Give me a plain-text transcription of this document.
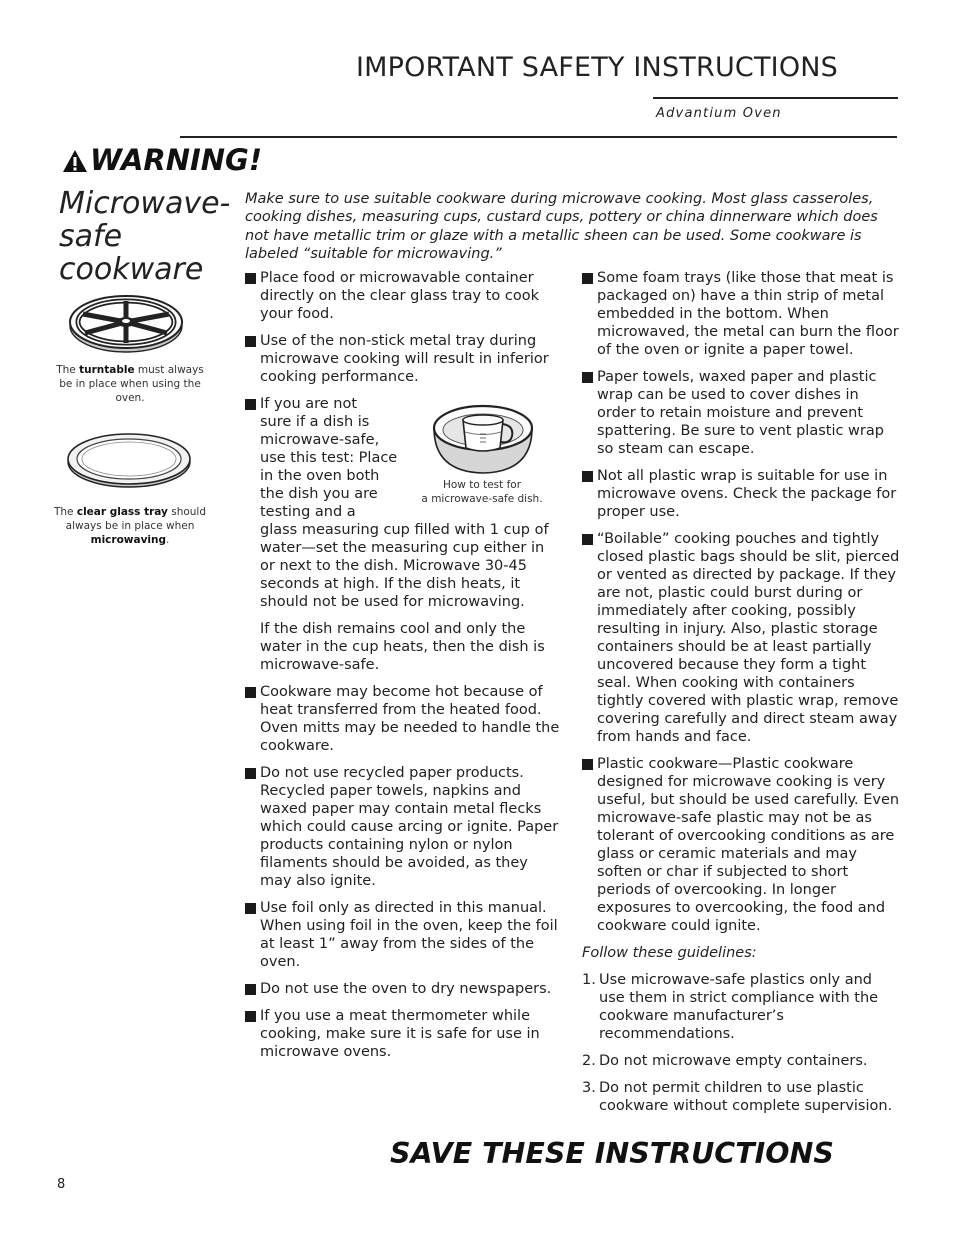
IMPORTANT SAFETY INSTRUCTIONS
Advantium Oven
WARNING!
Microwave-safe cookware
The turntable must always be in place when using the oven.
The clear glass tray should always be in place when microwaving.
How to test for
a microwave-safe dish.
Make sure to use suitable cookware during microwave cooking. Most glass casseroles, cooking dishes, measuring cups, custard cups, pottery or china dinnerware which does not have metallic trim or glaze with a metallic sheen can be used. Some cookware is labeled “suitable for microwaving.”
Place food or microwavable container directly on the clear glass tray to cook your food.
Use of the non-stick metal tray during microwave cooking will result in inferior cooking performance.
If you are not
sure if a dish is
microwave-safe,
use this test: Place
in the oven both
the dish you are
testing and a
glass measuring cup filled with 1 cup of water—set the measuring cup either in or next to the dish. Microwave 30-45 seconds at high. If the dish heats, it should not be used for microwaving.
If the dish remains cool and only the water in the cup heats, then the dish is microwave-safe.
Cookware may become hot because of heat transferred from the heated food. Oven mitts may be needed to handle the cookware.
Do not use recycled paper products. Recycled paper towels, napkins and waxed paper may contain metal flecks which could cause arcing or ignite. Paper products containing nylon or nylon filaments should be avoided, as they may also ignite.
Use foil only as directed in this manual. When using foil in the oven, keep the foil at least 1” away from the sides of the oven.
Do not use the oven to dry newspapers.
If you use a meat thermometer while cooking, make sure it is safe for use in microwave ovens.
Some foam trays (like those that meat is packaged on) have a thin strip of metal embedded in the bottom. When microwaved, the metal can burn the floor of the oven or ignite a paper towel.
Paper towels, waxed paper and plastic wrap can be used to cover dishes in order to retain moisture and prevent spattering. Be sure to vent plastic wrap so steam can escape.
Not all plastic wrap is suitable for use in microwave ovens. Check the package for proper use.
“Boilable” cooking pouches and tightly closed plastic bags should be slit, pierced or vented as directed by package. If they are not, plastic could burst during or immediately after cooking, possibly resulting in injury. Also, plastic storage containers should be at least partially uncovered because they form a tight seal. When cooking with containers tightly covered with plastic wrap, remove covering carefully and direct steam away from hands and face.
Plastic cookware—Plastic cookware designed for microwave cooking is very useful, but should be used carefully. Even microwave-safe plastic may not be as tolerant of overcooking conditions as are glass or ceramic materials and may soften or char if subjected to short periods of overcooking. In longer exposures to overcooking, the food and cookware could ignite.
Follow these guidelines:
1. Use microwave-safe plastics only and use them in strict compliance with the cookware manufacturer’s recommendations.
2. Do not microwave empty containers.
3. Do not permit children to use plastic cookware without complete supervision.
SAVE THESE INSTRUCTIONS
8
